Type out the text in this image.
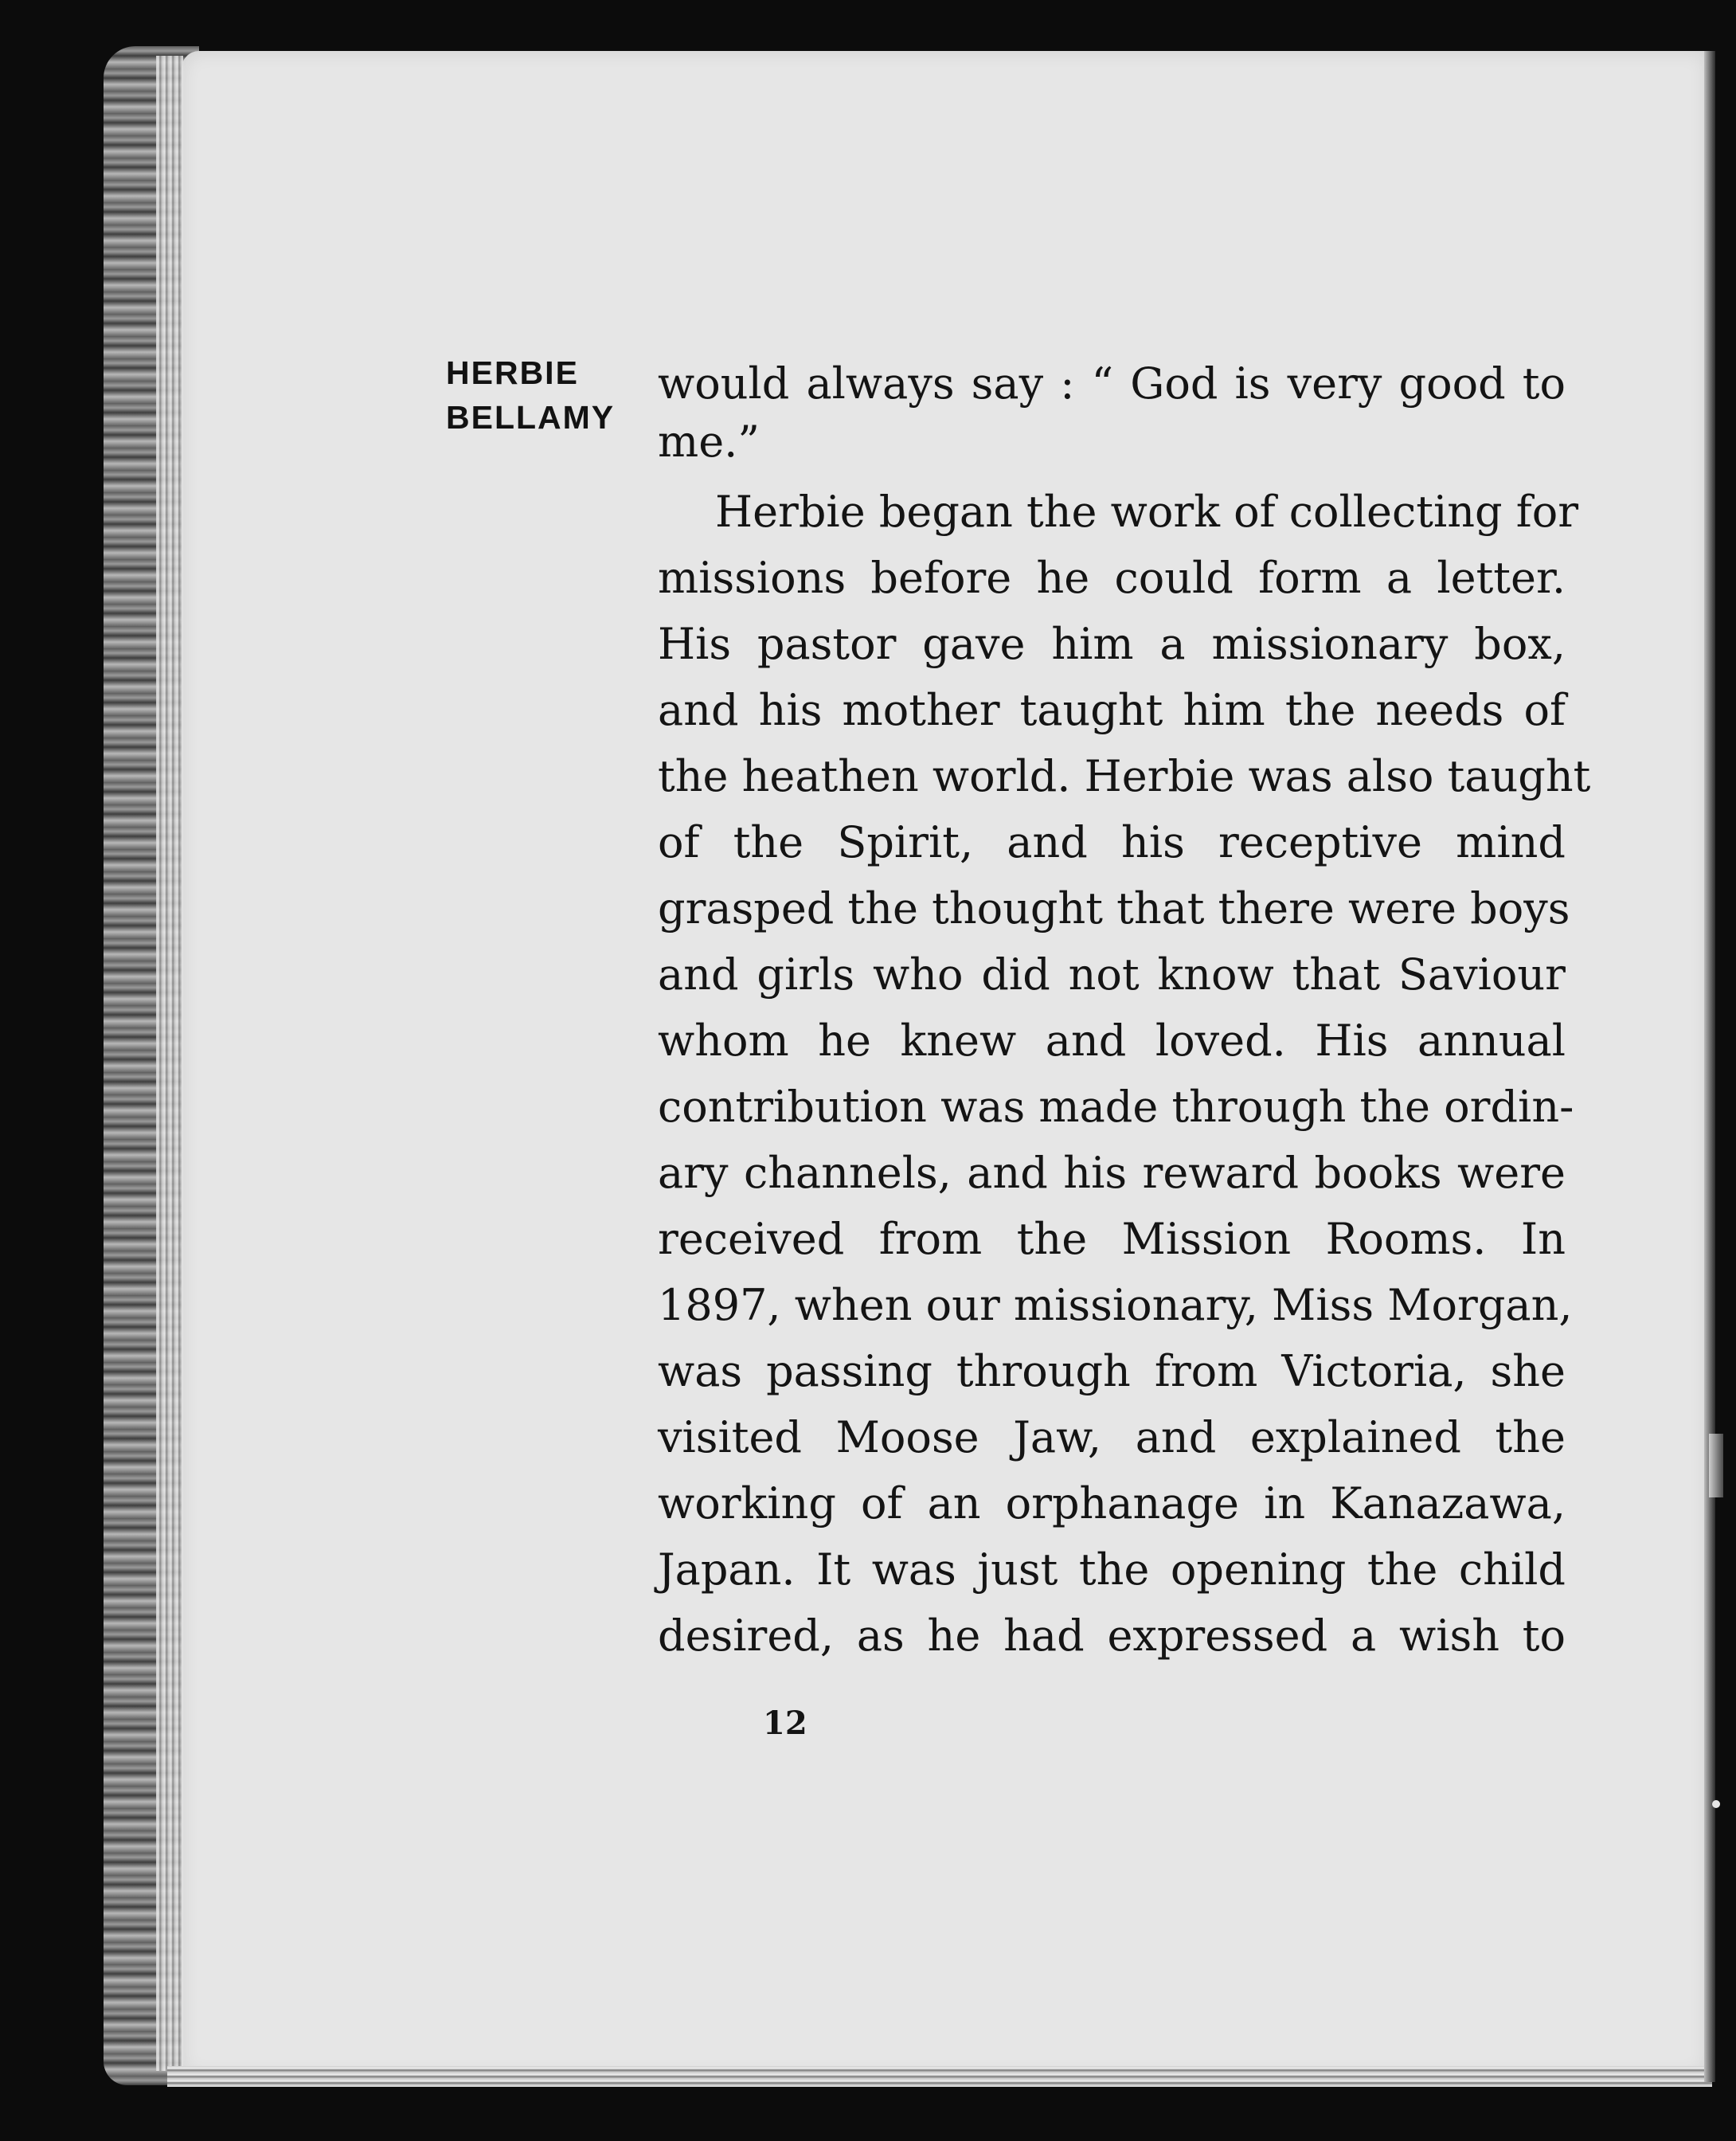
HERBIE
BELLAMY
would always say : “ God is very good to
me.”
Herbie began the work of collecting for
missions before he could form a letter.
His pastor gave him a missionary box,
and his mother taught him the needs of
the heathen world. Herbie was also taught
of the Spirit, and his receptive mind
grasped the thought that there were boys
and girls who did not know that Saviour
whom he knew and loved. His annual
contribution was made through the ordin-
ary channels, and his reward books were
received from the Mission Rooms. In
1897, when our missionary, Miss Morgan,
was passing through from Victoria, she
visited Moose Jaw, and explained the
working of an orphanage in Kanazawa,
Japan. It was just the opening the child
desired, as he had expressed a wish to
12
